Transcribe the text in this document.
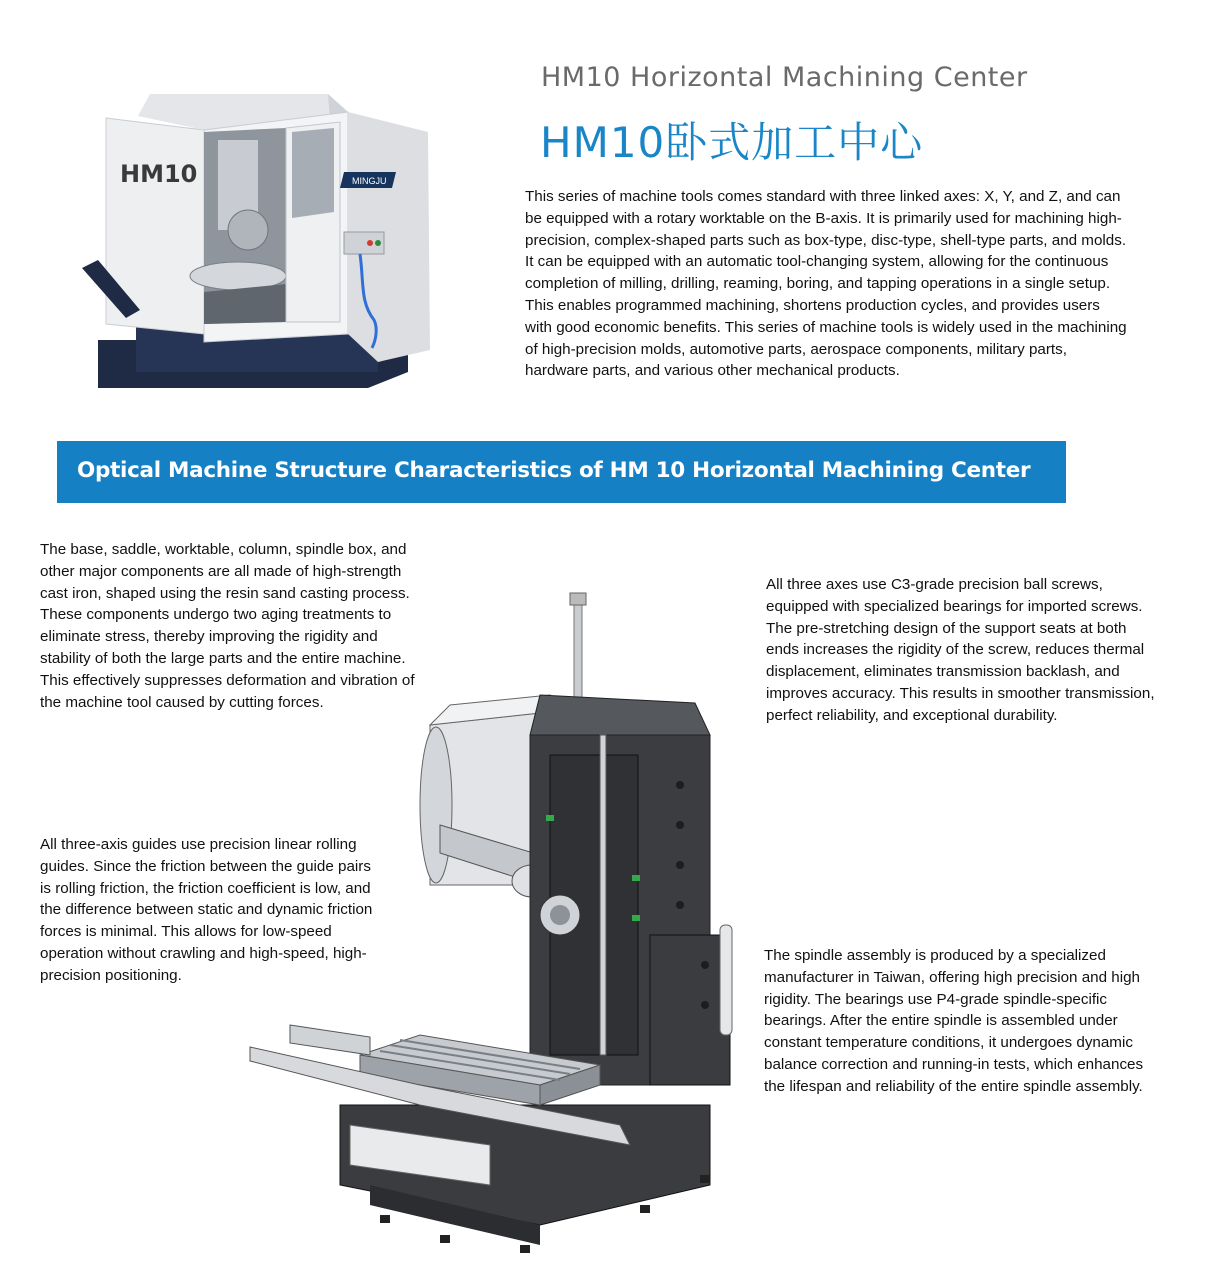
MINGJU
HM10
HM10 Horizontal Machining Center
HM10卧式加工中心
This series of machine tools comes standard with three linked axes: X, Y, and Z, and can be equipped with a rotary worktable on the B-axis. It is primarily used for machining high-precision, complex-shaped parts such as box-type, disc-type, shell-type parts, and molds. It can be equipped with an automatic tool-changing system, allowing for the continuous completion of milling, drilling, reaming, boring, and tapping operations in a single setup. This enables programmed machining, shortens production cycles, and provides users with good economic benefits. This series of machine tools is widely used in the machining of high-precision molds, automotive parts, aerospace components, military parts, hardware parts, and various other mechanical products.
Optical Machine Structure Characteristics of HM 10 Horizontal Machining Center
The base, saddle, worktable, column, spindle box, and other major components are all made of high-strength cast iron, shaped using the resin sand casting process. These components undergo two aging treatments to eliminate stress, thereby improving the rigidity and stability of both the large parts and the entire machine. This effectively suppresses deformation and vibration of the machine tool caused by cutting forces.
All three axes use C3-grade precision ball screws, equipped with specialized bearings for imported screws. The pre-stretching design of the support seats at both ends increases the rigidity of the screw, reduces thermal displacement, eliminates transmission backlash, and improves accuracy. This results in smoother transmission, perfect reliability, and exceptional durability.
All three-axis guides use precision linear rolling guides. Since the friction between the guide pairs is rolling friction, the friction coefficient is low, and the difference between static and dynamic friction forces is minimal. This allows for low-speed operation without crawling and high-speed, high-precision positioning.
The spindle assembly is produced by a specialized manufacturer in Taiwan, offering high precision and high rigidity. The bearings use P4-grade spindle-specific bearings. After the entire spindle is assembled under constant temperature conditions, it undergoes dynamic balance correction and running-in tests, which enhances the lifespan and reliability of the entire spindle assembly.
